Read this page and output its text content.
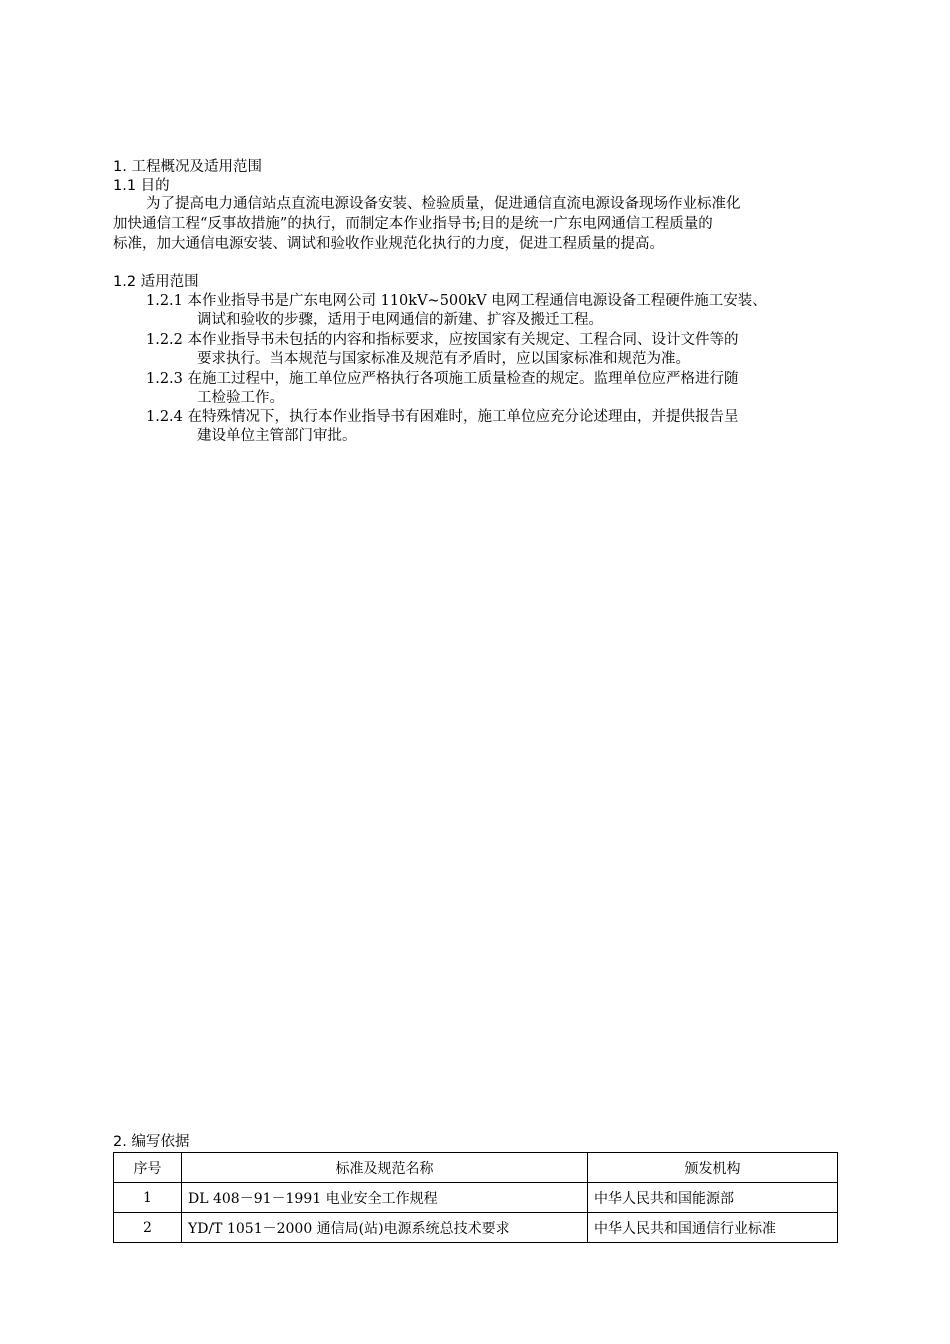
1. 工程概况及适用范围
1.1 目的
为了提高电力通信站点直流电源设备安装、检验质量，促进通信直流电源设备现场作业标准化
加快通信工程“反事故措施”的执行，而制定本作业指导书;目的是统一广东电网通信工程质量的
标准，加大通信电源安装、调试和验收作业规范化执行的力度，促进工程质量的提高。
1.2 适用范围
1.2.1 本作业指导书是广东电网公司 110kV~500kV 电网工程通信电源设备工程硬件施工安装、
调试和验收的步骤，适用于电网通信的新建、扩容及搬迁工程。
1.2.2 本作业指导书未包括的内容和指标要求，应按国家有关规定、工程合同、设计文件等的
要求执行。当本规范与国家标准及规范有矛盾时，应以国家标准和规范为准。
1.2.3 在施工过程中，施工单位应严格执行各项施工质量检查的规定。监理单位应严格进行随
工检验工作。
1.2.4 在特殊情况下，执行本作业指导书有困难时，施工单位应充分论述理由，并提供报告呈
建设单位主管部门审批。
2. 编写依据
序号	标准及规范名称	颁发机构
1	DL 408－91－1991 电业安全工作规程	中华人民共和国能源部
2	YD/T 1051－2000 通信局(站)电源系统总技术要求	中华人民共和国通信行业标准
